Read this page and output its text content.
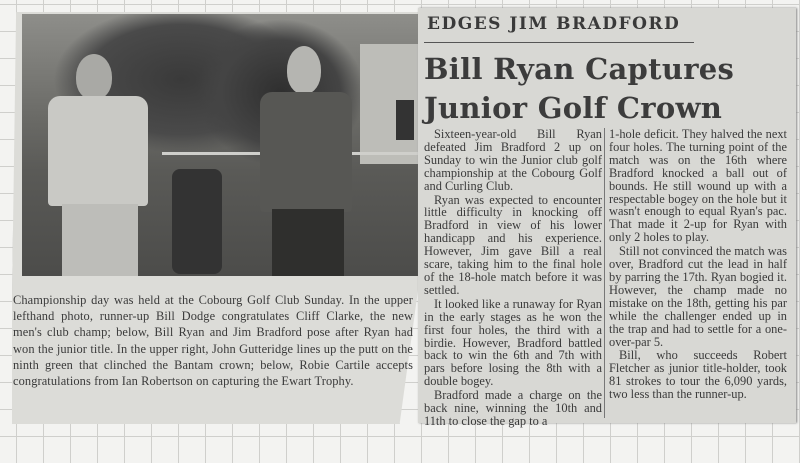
Championship day was held at the Cobourg Golf Club Sunday. In the upper lefthand photo, runner-up Bill Dodge congratulates Cliff Clarke, the new men's club champ; below, Bill Ryan and Jim Bradford pose after Ryan had won the junior title. In the upper right, John Gutteridge lines up the putt on the ninth green that clinched the Bantam crown; below, Robie Cartile accepts congratulations from Ian Robertson on capturing the Ewart Trophy.
EDGES JIM BRADFORD
Bill Ryan Captures Junior Golf Crown

Sixteen-year-old Bill Ryan defeated Jim Bradford 2 up on Sunday to win the Junior club golf championship at the Cobourg Golf and Curling Club.

Ryan was expected to encounter little difficulty in knocking off Bradford in view of his lower handicapp and his experience. However, Jim gave Bill a real scare, taking him to the final hole of the 18-hole match before it was settled.

It looked like a runaway for Ryan in the early stages as he won the first four holes, the third with a birdie. However, Bradford battled back to win the 6th and 7th with pars before losing the 8th with a double bogey.

Bradford made a charge on the back nine, winning the 10th and 11th to close the gap to a

1-hole deficit. They halved the next four holes. The turning point of the match was on the 16th where Bradford knocked a ball out of bounds. He still wound up with a respectable bogey on the hole but it wasn't enough to equal Ryan's pac. That made it 2-up for Ryan with only 2 holes to play.

Still not convinced the match was over, Bradford cut the lead in half by parring the 17th. Ryan bogied it. However, the champ made no mistake on the 18th, getting his par while the challenger ended up in the trap and had to settle for a one-over-par 5.

Bill, who succeeds Robert Fletcher as junior title-holder, took 81 strokes to tour the 6,090 yards, two less than the runner-up.
